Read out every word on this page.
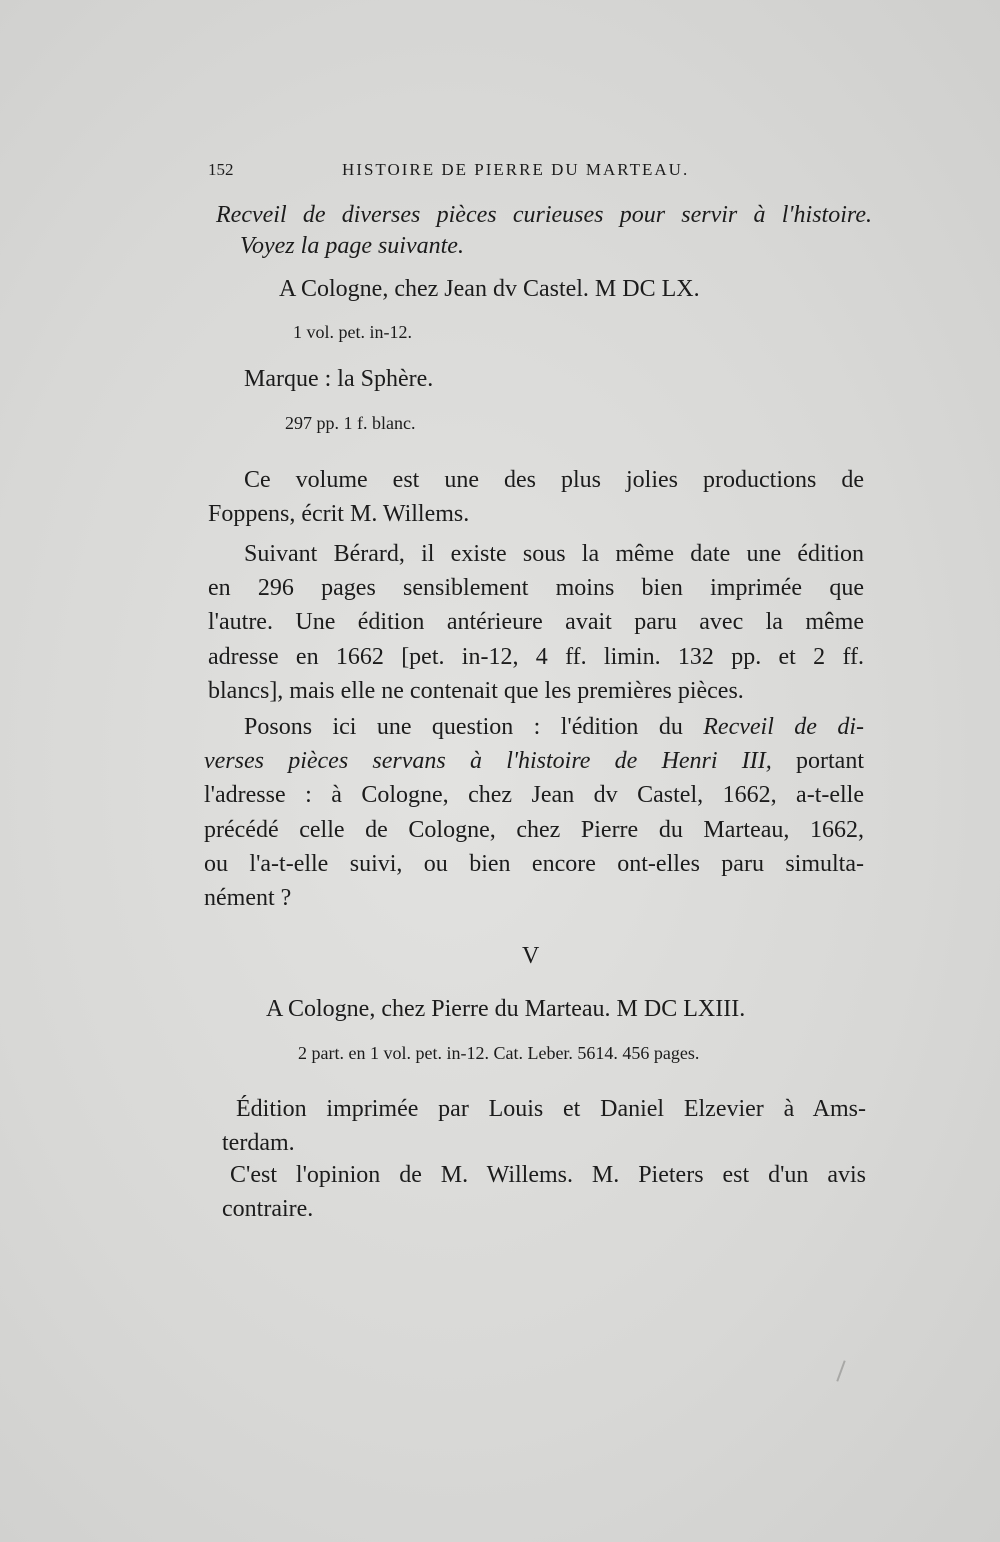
152	HISTOIRE DE PIERRE DU MARTEAU.
Recveil de diverses pièces curieuses pour servir à l'histoire.
Voyez la page suivante.
A Cologne, chez Jean dv Castel. M DC LX.
1 vol. pet. in-12.
Marque : la Sphère.
297 pp. 1 f. blanc.

Ce volume est une des plus jolies productions de

Foppens, écrit M. Willems.

Suivant Bérard, il existe sous la même date une édition

en 296 pages sensiblement moins bien imprimée que

l'autre. Une édition antérieure avait paru avec la même

adresse en 1662 [pet. in-12, 4 ff. limin. 132 pp. et 2 ff.

blancs], mais elle ne contenait que les premières pièces.

Posons ici une question : l'édition du Recveil de di-

verses pièces servans à l'histoire de Henri III, portant

l'adresse : à Cologne, chez Jean dv Castel, 1662, a-t-elle

précédé celle de Cologne, chez Pierre du Marteau, 1662,

ou l'a-t-elle suivi, ou bien encore ont-elles paru simulta-

nément ?

V
A Cologne, chez Pierre du Marteau. M DC LXIII.
2 part. en 1 vol. pet. in-12. Cat. Leber. 5614. 456 pages.

Édition imprimée par Louis et Daniel Elzevier à Ams-

terdam.

C'est l'opinion de M. Willems. M. Pieters est d'un avis

contraire.
